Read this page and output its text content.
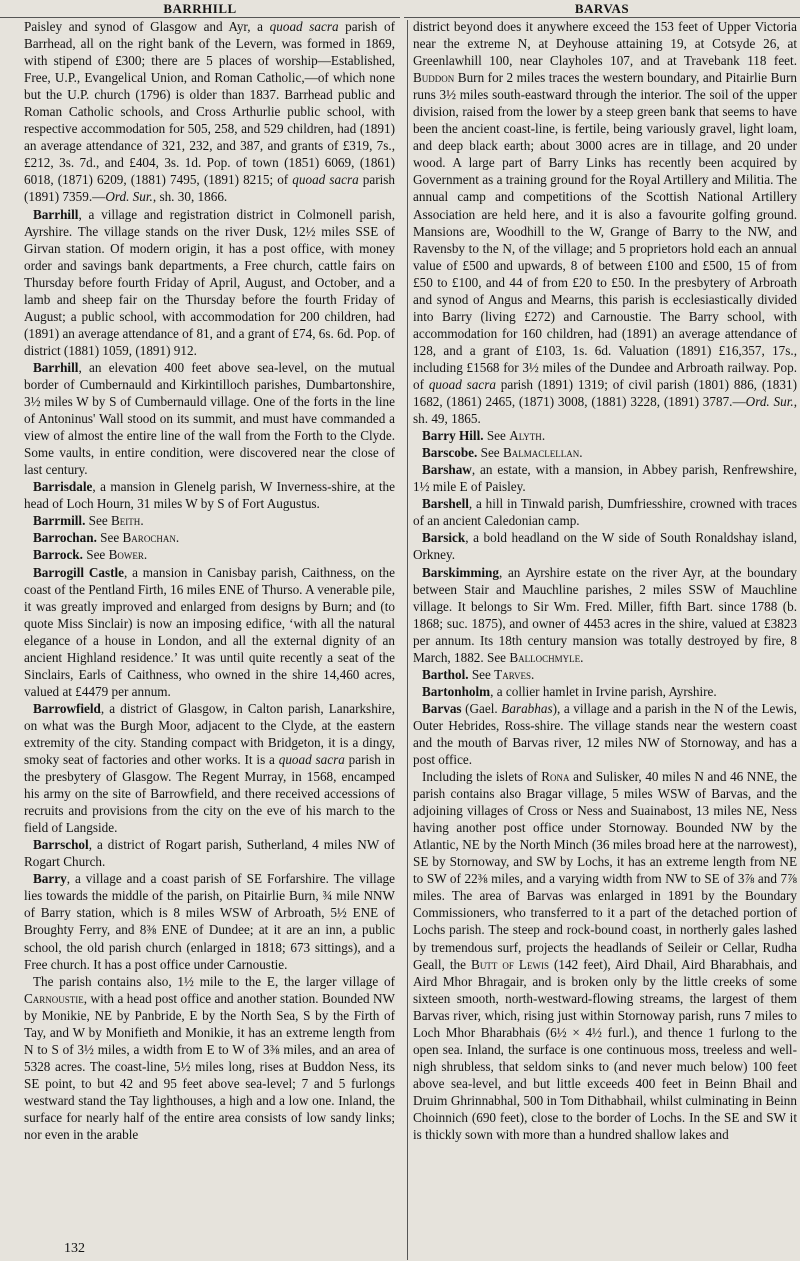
BARRHILL	BARVAS

Paisley and synod of Glasgow and Ayr, a quoad sacra parish of Barrhead, all on the right bank of the Levern, was formed in 1869, with stipend of £300; there are 5 places of worship—Established, Free, U.P., Evangelical Union, and Roman Catholic,—of which none but the U.P. church (1796) is older than 1837. Barrhead public and Roman Catholic schools, and Cross Arthurlie public school, with respective accommodation for 505, 258, and 529 children, had (1891) an average attendance of 321, 232, and 387, and grants of £319, 7s., £212, 3s. 7d., and £404, 3s. 1d. Pop. of town (1851) 6069, (1861) 6018, (1871) 6209, (1881) 7495, (1891) 8215; of quoad sacra parish (1891) 7359.—Ord. Sur., sh. 30, 1866.

Barrhill, a village and registration district in Colmonell parish, Ayrshire. The village stands on the river Dusk, 12½ miles SSE of Girvan station. Of modern origin, it has a post office, with money order and savings bank departments, a Free church, cattle fairs on Thursday before fourth Friday of April, August, and October, and a lamb and sheep fair on the Thursday before the fourth Friday of August; a public school, with accommodation for 200 children, had (1891) an average attendance of 81, and a grant of £74, 6s. 6d. Pop. of district (1881) 1059, (1891) 912.

Barrhill, an elevation 400 feet above sea-level, on the mutual border of Cumbernauld and Kirkintilloch parishes, Dumbartonshire, 3½ miles W by S of Cumbernauld village. One of the forts in the line of Antoninus' Wall stood on its summit, and must have commanded a view of almost the entire line of the wall from the Forth to the Clyde. Some vaults, in entire condition, were discovered near the close of last century.

Barrisdale, a mansion in Glenelg parish, W Inverness-shire, at the head of Loch Hourn, 31 miles W by S of Fort Augustus.

Barrmill. See Beith.

Barrochan. See Barochan.

Barrock. See Bower.

Barrogill Castle, a mansion in Canisbay parish, Caithness, on the coast of the Pentland Firth, 16 miles ENE of Thurso. A venerable pile, it was greatly improved and enlarged from designs by Burn; and (to quote Miss Sinclair) is now an imposing edifice, ‘with all the natural elegance of a house in London, and all the external dignity of an ancient Highland residence.’ It was until quite recently a seat of the Sinclairs, Earls of Caithness, who owned in the shire 14,460 acres, valued at £4479 per annum.

Barrowfield, a district of Glasgow, in Calton parish, Lanarkshire, on what was the Burgh Moor, adjacent to the Clyde, at the eastern extremity of the city. Standing compact with Bridgeton, it is a dingy, smoky seat of factories and other works. It is a quoad sacra parish in the presbytery of Glasgow. The Regent Murray, in 1568, encamped his army on the site of Barrowfield, and there received accessions of recruits and provisions from the city on the eve of his march to the field of Langside.

Barrschol, a district of Rogart parish, Sutherland, 4 miles NW of Rogart Church.

Barry, a village and a coast parish of SE Forfarshire. The village lies towards the middle of the parish, on Pitairlie Burn, ¾ mile NNW of Barry station, which is 8 miles WSW of Arbroath, 5½ ENE of Broughty Ferry, and 8⅜ ENE of Dundee; at it are an inn, a public school, the old parish church (enlarged in 1818; 673 sittings), and a Free church. It has a post office under Carnoustie.

The parish contains also, 1½ mile to the E, the larger village of Carnoustie, with a head post office and another station. Bounded NW by Monikie, NE by Panbride, E by the North Sea, S by the Firth of Tay, and W by Monifieth and Monikie, it has an extreme length from N to S of 3½ miles, a width from E to W of 3⅜ miles, and an area of 5328 acres. The coast-line, 5½ miles long, rises at Buddon Ness, its SE point, to but 42 and 95 feet above sea-level; 7 and 5 furlongs westward stand the Tay lighthouses, a high and a low one. Inland, the surface for nearly half of the entire area consists of low sandy links; nor even in the arable

district beyond does it anywhere exceed the 153 feet of Upper Victoria near the extreme N, at Deyhouse attaining 19, at Cotsyde 26, at Greenlawhill 100, near Clayholes 107, and at Travebank 118 feet. Buddon Burn for 2 miles traces the western boundary, and Pitairlie Burn runs 3½ miles south-eastward through the interior. The soil of the upper division, raised from the lower by a steep green bank that seems to have been the ancient coast-line, is fertile, being variously gravel, light loam, and deep black earth; about 3000 acres are in tillage, and 20 under wood. A large part of Barry Links has recently been acquired by Government as a training ground for the Royal Artillery and Militia. The annual camp and competitions of the Scottish National Artillery Association are held here, and it is also a favourite golfing ground. Mansions are, Woodhill to the W, Grange of Barry to the NW, and Ravensby to the N, of the village; and 5 proprietors hold each an annual value of £500 and upwards, 8 of between £100 and £500, 15 of from £50 to £100, and 44 of from £20 to £50. In the presbytery of Arbroath and synod of Angus and Mearns, this parish is ecclesiastically divided into Barry (living £272) and Carnoustie. The Barry school, with accommodation for 160 children, had (1891) an average attendance of 128, and a grant of £103, 1s. 6d. Valuation (1891) £16,357, 17s., including £1568 for 3½ miles of the Dundee and Arbroath railway. Pop. of quoad sacra parish (1891) 1319; of civil parish (1801) 886, (1831) 1682, (1861) 2465, (1871) 3008, (1881) 3228, (1891) 3787.—Ord. Sur., sh. 49, 1865.

Barry Hill. See Alyth.

Barscobe. See Balmaclellan.

Barshaw, an estate, with a mansion, in Abbey parish, Renfrewshire, 1½ mile E of Paisley.

Barshell, a hill in Tinwald parish, Dumfriesshire, crowned with traces of an ancient Caledonian camp.

Barsick, a bold headland on the W side of South Ronaldshay island, Orkney.

Barskimming, an Ayrshire estate on the river Ayr, at the boundary between Stair and Mauchline parishes, 2 miles SSW of Mauchline village. It belongs to Sir Wm. Fred. Miller, fifth Bart. since 1788 (b. 1868; suc. 1875), and owner of 4453 acres in the shire, valued at £3823 per annum. Its 18th century mansion was totally destroyed by fire, 8 March, 1882. See Ballochmyle.

Barthol. See Tarves.

Bartonholm, a collier hamlet in Irvine parish, Ayrshire.

Barvas (Gael. Barabhas), a village and a parish in the N of the Lewis, Outer Hebrides, Ross-shire. The village stands near the western coast and the mouth of Barvas river, 12 miles NW of Stornoway, and has a post office.

Including the islets of Rona and Sulisker, 40 miles N and 46 NNE, the parish contains also Bragar village, 5 miles WSW of Barvas, and the adjoining villages of Cross or Ness and Suainabost, 13 miles NE, Ness having another post office under Stornoway. Bounded NW by the Atlantic, NE by the North Minch (36 miles broad here at the narrowest), SE by Stornoway, and SW by Lochs, it has an extreme length from NE to SW of 22⅜ miles, and a varying width from NW to SE of 3⅞ and 7⅞ miles. The area of Barvas was enlarged in 1891 by the Boundary Commissioners, who transferred to it a part of the detached portion of Lochs parish. The steep and rock-bound coast, in northerly gales lashed by tremendous surf, projects the headlands of Seileir or Cellar, Rudha Geall, the Butt of Lewis (142 feet), Aird Dhail, Aird Bharabhais, and Aird Mhor Bhragair, and is broken only by the little creeks of some sixteen smooth, north-westward-flowing streams, the largest of them Barvas river, which, rising just within Stornoway parish, runs 7 miles to Loch Mhor Bharabhais (6½ × 4½ furl.), and thence 1 furlong to the open sea. Inland, the surface is one continuous moss, treeless and well-nigh shrubless, that seldom sinks to (and never much below) 100 feet above sea-level, and but little exceeds 400 feet in Beinn Bhail and Druim Ghrinnabhal, 500 in Tom Dithabhail, whilst culminating in Beinn Choinnich (690 feet), close to the border of Lochs. In the SE and SW it is thickly sown with more than a hundred shallow lakes and

132
